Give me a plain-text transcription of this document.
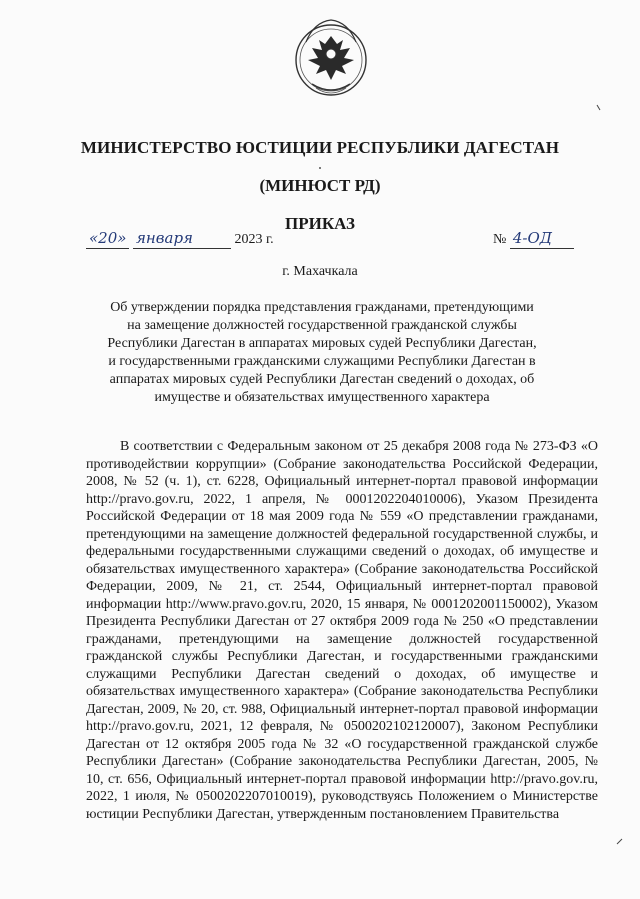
МИНИСТЕРСТВО ЮСТИЦИИ РЕСПУБЛИКИ ДАГЕСТАН
(МИНЮСТ РД)
ПРИКАЗ
«20» января	2023 г.	№ 4-ОД
г. Махачкала
Об утверждении порядка представления гражданами, претендующими на замещение должностей государственной гражданской службы Республики Дагестан в аппаратах мировых судей Республики Дагестан, и государственными гражданскими служащими Республики Дагестан в аппаратах мировых судей Республики Дагестан сведений о доходах, об имуществе и обязательствах имущественного характера

В соответствии с Федеральным законом от 25 декабря 2008 года № 273-ФЗ «О противодействии коррупции» (Собрание законодательства Российской Федерации, 2008, № 52 (ч. 1), ст. 6228, Официальный интернет-портал правовой информации http://pravo.gov.ru, 2022, 1 апреля, № 0001202204010006), Указом Президента Российской Федерации от 18 мая 2009 года № 559 «О представлении гражданами, претендующими на замещение должностей федеральной государственной службы, и федеральными государственными служащими сведений о доходах, об имуществе и обязательствах имущественного характера» (Собрание законодательства Российской Федерации, 2009, № 21, ст. 2544, Официальный интернет-портал правовой информации http://www.pravo.gov.ru, 2020, 15 января, № 0001202001150002), Указом Президента Республики Дагестан от 27 октября 2009 года № 250 «О представлении гражданами, претендующими на замещение должностей государственной гражданской службы Республики Дагестан, и государственными гражданскими служащими Республики Дагестан сведений о доходах, об имуществе и обязательствах имущественного характера» (Собрание законодательства Республики Дагестан, 2009, № 20, ст. 988, Официальный интернет-портал правовой информации http://pravo.gov.ru, 2021, 12 февраля, № 0500202102120007), Законом Республики Дагестан от 12 октября 2005 года № 32 «О государственной гражданской службе Республики Дагестан» (Собрание законодательства Республики Дагестан, 2005, № 10, ст. 656, Официальный интернет-портал правовой информации http://pravo.gov.ru, 2022, 1 июля, № 0500202207010019), руководствуясь Положением о Министерстве юстиции Республики Дагестан, утвержденным постановлением Правительства
